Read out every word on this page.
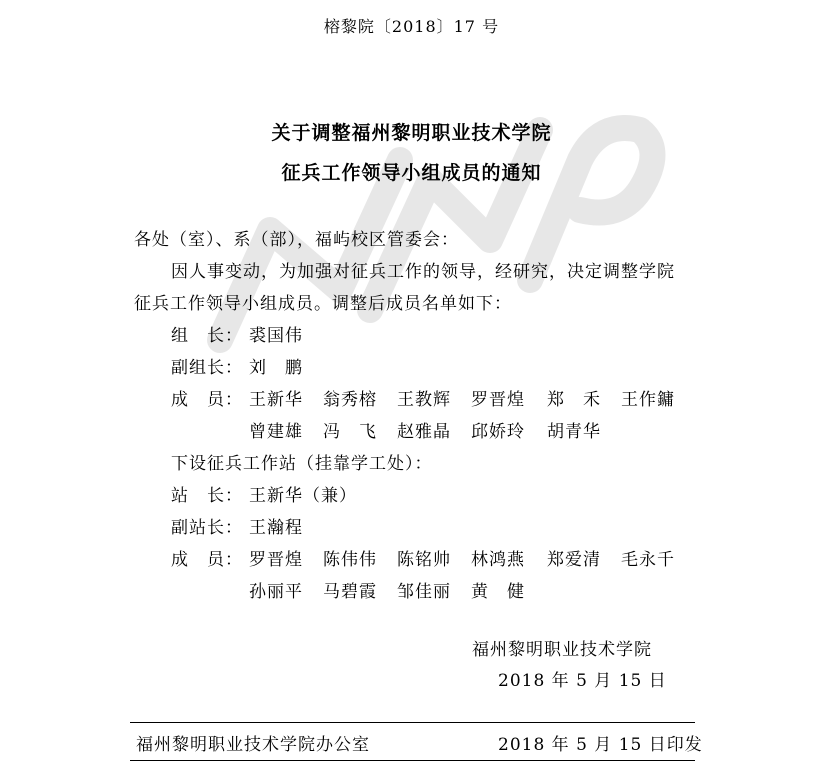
榕黎院〔2018〕17 号
关于调整福州黎明职业技术学院
征兵工作领导小组成员的通知
各处（室）、系（部），福屿校区管委会：
因人事变动，为加强对征兵工作的领导，经研究，决定调整学院
征兵工作领导小组成员。调整后成员名单如下：
组　长： 裘国伟
副组长： 刘　鹏
成　员： 王新华 翁秀榕 王教辉 罗晋煌 郑　禾 王作鏞
曾建雄 冯　飞 赵雅晶 邱娇玲 胡青华
下设征兵工作站（挂靠学工处）：
站　长： 王新华（兼）
副站长： 王瀚程
成　员： 罗晋煌 陈伟伟 陈铭帅 林鸿燕 郑爱清 毛永千
孙丽平 马碧霞 邹佳丽 黄　健
福州黎明职业技术学院
2018 年 5 月 15 日
福州黎明职业技术学院办公室	2018 年 5 月 15 日印发
